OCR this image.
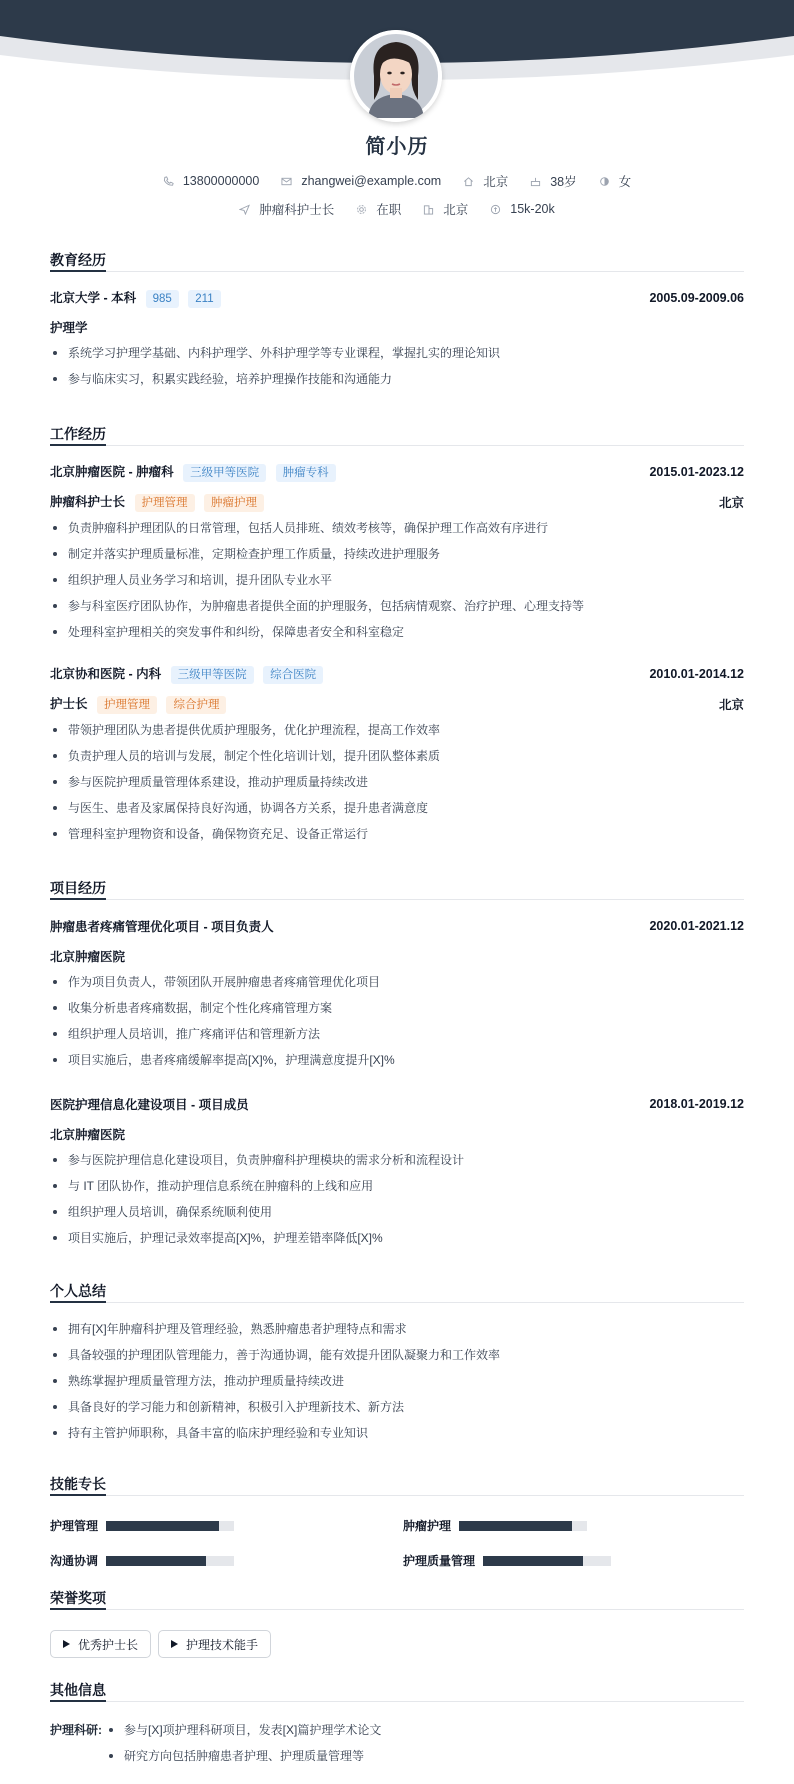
简小历
13800000000	zhangwei@example.com	北京	38岁	女
肿瘤科护士长	在职	北京	15k-20k
教育经历
北京大学 - 本科 985 211	2005.09-2009.06
护理学
系统学习护理学基础、内科护理学、外科护理学等专业课程，掌握扎实的理论知识
参与临床实习，积累实践经验，培养护理操作技能和沟通能力
工作经历
北京肿瘤医院 - 肿瘤科 三级甲等医院 肿瘤专科	2015.01-2023.12
肿瘤科护士长 护理管理 肿瘤护理	北京
负责肿瘤科护理团队的日常管理，包括人员排班、绩效考核等，确保护理工作高效有序进行
制定并落实护理质量标准，定期检查护理工作质量，持续改进护理服务
组织护理人员业务学习和培训，提升团队专业水平
参与科室医疗团队协作，为肿瘤患者提供全面的护理服务，包括病情观察、治疗护理、心理支持等
处理科室护理相关的突发事件和纠纷，保障患者安全和科室稳定
北京协和医院 - 内科 三级甲等医院 综合医院	2010.01-2014.12
护士长 护理管理 综合护理	北京
带领护理团队为患者提供优质护理服务，优化护理流程，提高工作效率
负责护理人员的培训与发展，制定个性化培训计划，提升团队整体素质
参与医院护理质量管理体系建设，推动护理质量持续改进
与医生、患者及家属保持良好沟通，协调各方关系，提升患者满意度
管理科室护理物资和设备，确保物资充足、设备正常运行
项目经历
肿瘤患者疼痛管理优化项目 - 项目负责人	2020.01-2021.12
北京肿瘤医院
作为项目负责人，带领团队开展肿瘤患者疼痛管理优化项目
收集分析患者疼痛数据，制定个性化疼痛管理方案
组织护理人员培训，推广疼痛评估和管理新方法
项目实施后，患者疼痛缓解率提高[X]%，护理满意度提升[X]%
医院护理信息化建设项目 - 项目成员	2018.01-2019.12
北京肿瘤医院
参与医院护理信息化建设项目，负责肿瘤科护理模块的需求分析和流程设计
与 IT 团队协作，推动护理信息系统在肿瘤科的上线和应用
组织护理人员培训，确保系统顺利使用
项目实施后，护理记录效率提高[X]%，护理差错率降低[X]%
个人总结
拥有[X]年肿瘤科护理及管理经验，熟悉肿瘤患者护理特点和需求
具备较强的护理团队管理能力，善于沟通协调，能有效提升团队凝聚力和工作效率
熟练掌握护理质量管理方法，推动护理质量持续改进
具备良好的学习能力和创新精神，积极引入护理新技术、新方法
持有主管护师职称，具备丰富的临床护理经验和专业知识
技能专长
护理管理	肿瘤护理
沟通协调	护理质量管理
荣誉奖项
优秀护士长	护理技术能手
其他信息
护理科研:	参与[X]项护理科研项目，发表[X]篇护理学术论文
研究方向包括肿瘤患者护理、护理质量管理等
